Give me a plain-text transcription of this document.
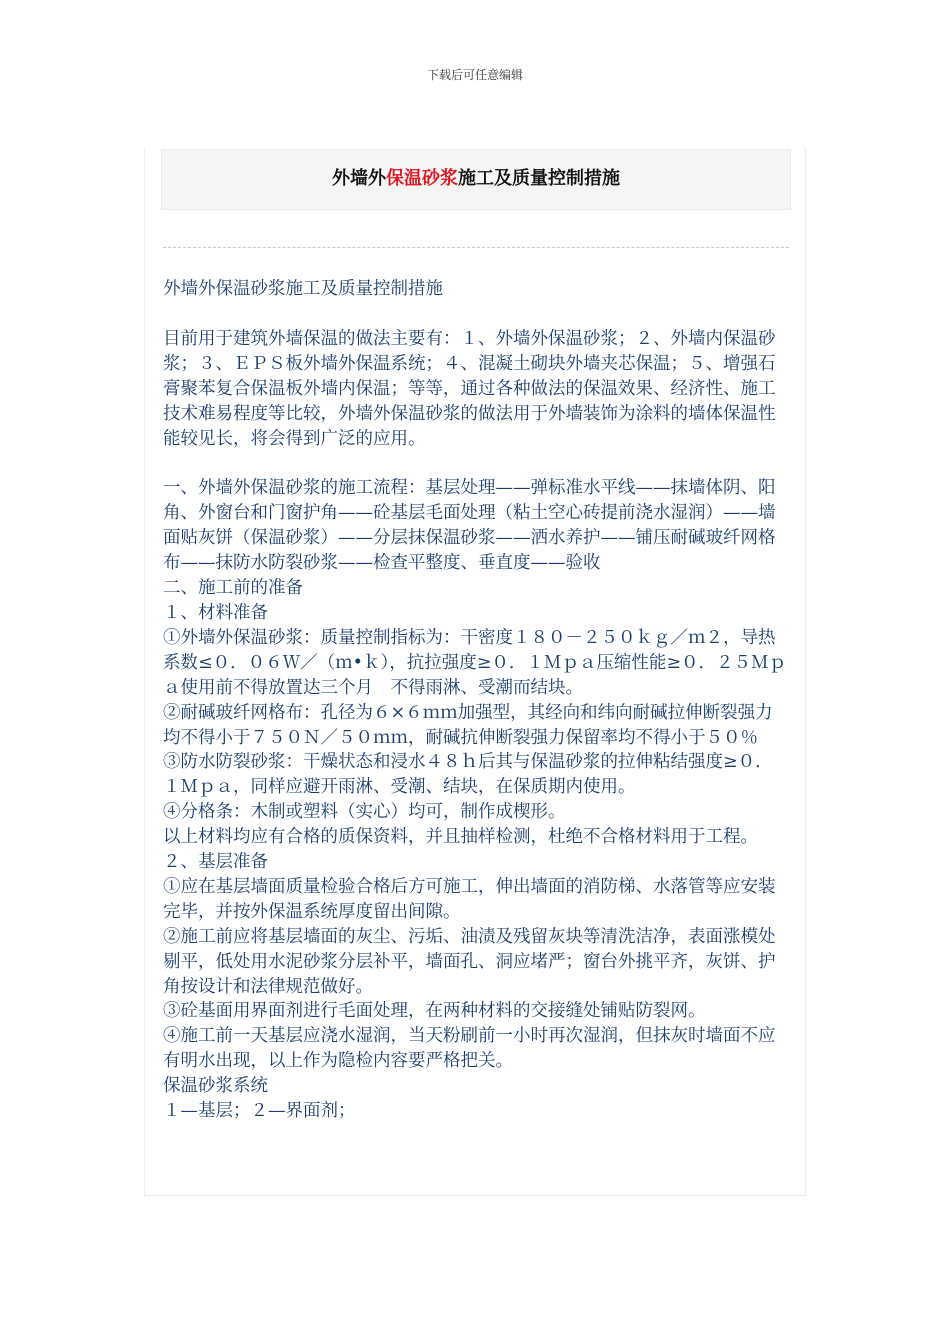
下载后可任意编辑
外墙外保温砂浆施工及质量控制措施

外墙外保温砂浆施工及质量控制措施

目前用于建筑外墙保温的做法主要有：１、外墙外保温砂浆；２、外墙内保温砂浆；３、ＥＰＳ板外墙外保温系统；４、混凝土砌块外墙夹芯保温；５、增强石膏聚苯复合保温板外墙内保温；等等，通过各种做法的保温效果、经济性、施工技术难易程度等比较，外墙外保温砂浆的做法用于外墙装饰为涂料的墙体保温性能较见长，将会得到广泛的应用。

一、外墙外保温砂浆的施工流程：基层处理——弹标准水平线——抹墙体阴、阳角、外窗台和门窗护角——砼基层毛面处理（粘土空心砖提前浇水湿润）——墙面贴灰饼（保温砂浆）——分层抹保温砂浆——洒水养护——铺压耐碱玻纤网格布——抹防水防裂砂浆——检查平整度、垂直度——验收

二、施工前的准备

１、材料准备

①外墙外保温砂浆：质量控制指标为：干密度１８０－２５０ｋｇ／ｍ２，导热系数≤０．０６Ｗ／（ｍ•ｋ），抗拉强度≥０．１Ｍｐａ压缩性能≥０．２５Ｍｐａ使用前不得放置达三个月　不得雨淋、受潮而结块。

②耐碱玻纤网格布：孔径为６×６ｍｍ加强型，其经向和纬向耐碱拉伸断裂强力均不得小于７５０Ｎ／５０ｍｍ，耐碱抗伸断裂强力保留率均不得小于５０％

③防水防裂砂浆：干燥状态和浸水４８ｈ后其与保温砂浆的拉伸粘结强度≥０．１Ｍｐａ，同样应避开雨淋、受潮、结块，在保质期内使用。

④分格条：木制或塑料（实心）均可，制作成楔形。

以上材料均应有合格的质保资料，并且抽样检测，杜绝不合格材料用于工程。

２、基层准备

①应在基层墙面质量检验合格后方可施工，伸出墙面的消防梯、水落管等应安装完毕，并按外保温系统厚度留出间隙。

②施工前应将基层墙面的灰尘、污垢、油渍及残留灰块等清洗洁净，表面涨模处剔平，低处用水泥砂浆分层补平，墙面孔、洞应堵严；窗台外挑平齐，灰饼、护角按设计和法律规范做好。

③砼基面用界面剂进行毛面处理，在两种材料的交接缝处铺贴防裂网。

④施工前一天基层应浇水湿润，当天粉刷前一小时再次湿润，但抹灰时墙面不应有明水出现，以上作为隐检内容要严格把关。

保温砂浆系统

１—基层；２—界面剂；
